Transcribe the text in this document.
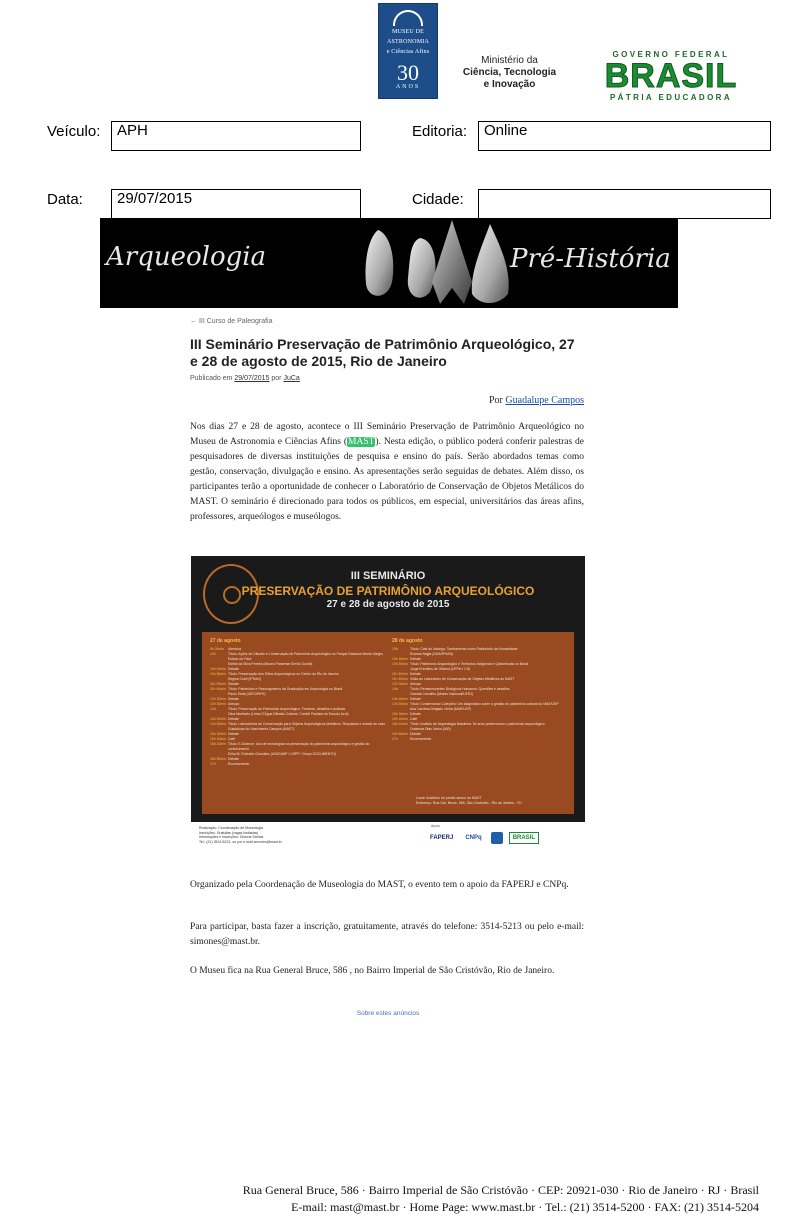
MUSEU DE
ASTRONOMIA
e Ciências Afins
30
ANOS
Ministério da
Ciência, Tecnologia
e Inovação
GOVERNO FEDERAL
BRASIL
PÁTRIA EDUCADORA
Veículo:	APH	Editoria:	Online
Data:	29/07/2015	Cidade:
Arqueologia	Pré-História
← III Curso de Paleografia
III Seminário Preservação de Patrimônio Arqueológico, 27 e 28 de agosto de 2015, Rio de Janeiro
Publicado em 29/07/2015 por JuCa
Por Guadalupe Campos
Nos dias 27 e 28 de agosto, acontece o III Seminário Preservação de Patrimônio Arqueológico no Museu de Astronomia e Ciências Afins (MAST). Nesta edição, o público poderá conferir palestras de pesquisadores de diversas instituições de pesquisa e ensino do país. Serão abordados temas como gestão, conservação, divulgação e ensino. As apresentações serão seguidas de debates. Além disso, os participantes terão a oportunidade de conhecer o Laboratório de Conservação de Objetos Metálicos do MAST. O seminário é direcionado para todos os públicos, em especial, universitários das áreas afins, professores, arqueólogos e museólogos.
III SEMINÁRIO
PRESERVAÇÃO DE PATRIMÔNIO ARQUEOLÓGICO
27 e 28 de agosto de 2015
27 de agosto
9h 30min	Abertura
10h	Título: Ações de Difusão e Conservação de Patrimônio Arqueológico no Parque Estadual Monte Alegre, Estado do Pará
Edithe da Silva Pereira (Museu Paraense Emílio Goeldi)
10h 40min Debate
10h 50min Título: Preservação dos Sítios Arqueológicos no Centro do Rio de Janeiro
Regina Coeli (IPHAN)
11h 30min Debate
11h 40min Título: Patrimônio e Ressurgimento da Graduação em Arqueologia no Brasil
Paulo Seda (UERJ/BPH)
12h 20min Debate
12h 30min Almoço
14h	Título: Preservação do Patrimônio Arqueológico: Fomento, desafios e práticas
Gina Machado (Linha D'Água Difusão Cultural, Comitê Paulista do Escudo Azul)
14h 40min Debate
14h 50min Título: Laboratórios de Conservação para Objetos Arqueológicos Metálicos: Requisitos e estudo de caso
Guadalupe do Nascimento Campos (MAST)
15h 30min Debate
15h 40min Café
16h 10min Título: E-Science: Uso de tecnologias na preservação do patrimônio arqueológico e gestão do conhecimento
Erika M. Robrahn-González (UNICAMP / USPP / Grupo DOCUMENTO)
16h 50min Debate
17h	Encerramento
28 de agosto
10h	Título: Cais do Valongo: Tombamento como Patrimônio da Humanidade
Rosana Najjar (DNA/IPHAN)
10h 40min Debate
10h 50min Título: Patrimônio Arqueológico e Territórios Indígenas e Quilombolas no Brasil
Jorge Eremites de Oliveira (UFPel / CH)
11h 30min Debate
11h 40min Visita ao Laboratório de Conservação de Objetos Metálicos do MAST
12h 30min Almoço
14h	Título: Remanescentes Biológicos Humanos: Questões e desafios
Claudia Carvalho (Museu Nacional/UFRJ)
14h 40min Debate
14h 50min Título: Conservando Coleções: Um diagnóstico sobre a gestão do patrimônio cultural do MAE/USP
Ana Carolina Delgado Vieira (MAE/USP)
15h 30min Debate
15h 40min Café
16h 10min Título: Instituto de Arqueologia Brasileira: 54 anos preservando o patrimônio arqueológico
Ondemar Dias Junior (IAB)
16h 50min Debate
17h	Encerramento
Local: Auditório do prédio anexo do MAST
Endereço: Rua Gal. Bruce, 586, São Cristóvão - Rio de Janeiro - RJ
Realização: Coordenação de Museologia
Inscrições: Gratuitas (vagas limitadas)
Informações e inscrições: Simone Santos
Tel.: (21) 3514-5213, ou por e-mail simones@mast.br
Apoio
FAPERJ	CNPq	BRASIL
Organizado pela Coordenação de Museologia do MAST, o evento tem o apoio da FAPERJ e CNPq.
Para participar, basta fazer a inscrição, gratuitamente, através do telefone: 3514-5213 ou pelo e-mail: simones@mast.br.
O Museu fica na Rua General Bruce, 586 , no Bairro Imperial de São Cristóvão, Rio de Janeiro.
Sobre estes anúncios
Rua General Bruce, 586 · Bairro Imperial de São Cristóvão · CEP: 20921-030 · Rio de Janeiro · RJ · Brasil
E-mail: mast@mast.br · Home Page: www.mast.br · Tel.: (21) 3514-5200 · FAX: (21) 3514-5204
